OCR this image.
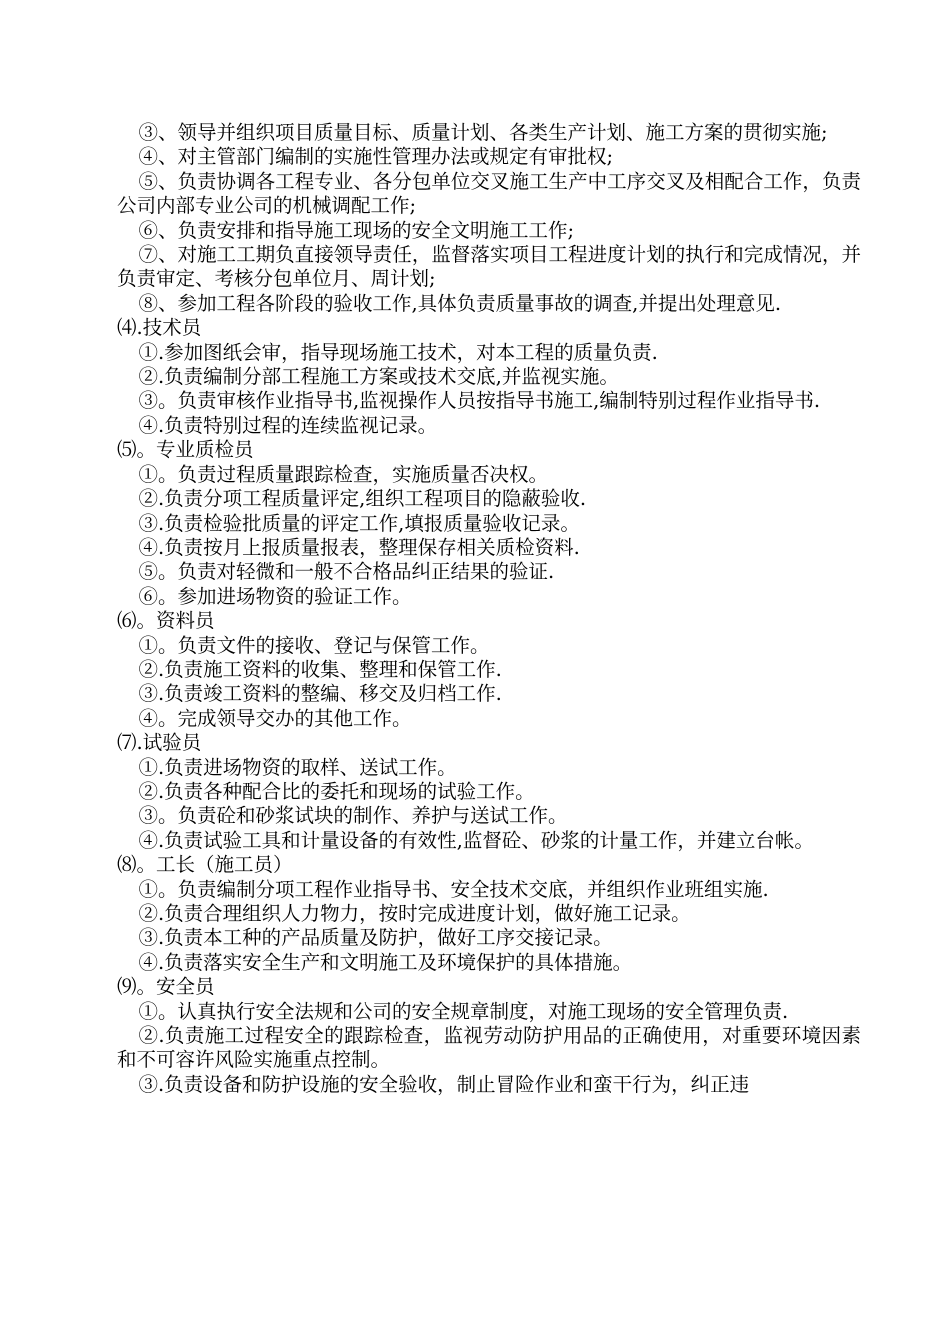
③、领导并组织项目质量目标、质量计划、各类生产计划、施工方案的贯彻实施;

④、对主管部门编制的实施性管理办法或规定有审批权;

⑤、负责协调各工程专业、各分包单位交叉施工生产中工序交叉及相配合工作，负责公司内部专业公司的机械调配工作;

⑥、负责安排和指导施工现场的安全文明施工工作;

⑦、对施工工期负直接领导责任，监督落实项目工程进度计划的执行和完成情况，并负责审定、考核分包单位月、周计划;

⑧、参加工程各阶段的验收工作,具体负责质量事故的调查,并提出处理意见.

⑷.技术员

①.参加图纸会审，指导现场施工技术，对本工程的质量负责.

②.负责编制分部工程施工方案或技术交底,并监视实施。

③。负责审核作业指导书,监视操作人员按指导书施工,编制特别过程作业指导书.

④.负责特别过程的连续监视记录。

⑸。专业质检员

①。负责过程质量跟踪检查，实施质量否决权。

②.负责分项工程质量评定,组织工程项目的隐蔽验收.

③.负责检验批质量的评定工作,填报质量验收记录。

④.负责按月上报质量报表，整理保存相关质检资料.

⑤。负责对轻微和一般不合格品纠正结果的验证.

⑥。参加进场物资的验证工作。

⑹。资料员

①。负责文件的接收、登记与保管工作。

②.负责施工资料的收集、整理和保管工作.

③.负责竣工资料的整编、移交及归档工作.

④。完成领导交办的其他工作。

⑺.试验员

①.负责进场物资的取样、送试工作。

②.负责各种配合比的委托和现场的试验工作。

③。负责砼和砂浆试块的制作、养护与送试工作。

④.负责试验工具和计量设备的有效性,监督砼、砂浆的计量工作，并建立台帐。

⑻。工长（施工员）

①。负责编制分项工程作业指导书、安全技术交底，并组织作业班组实施.

②.负责合理组织人力物力，按时完成进度计划，做好施工记录。

③.负责本工种的产品质量及防护，做好工序交接记录。

④.负责落实安全生产和文明施工及环境保护的具体措施。

⑼。安全员

①。认真执行安全法规和公司的安全规章制度，对施工现场的安全管理负责.

②.负责施工过程安全的跟踪检查，监视劳动防护用品的正确使用，对重要环境因素和不可容许风险实施重点控制。

③.负责设备和防护设施的安全验收，制止冒险作业和蛮干行为，纠正违
